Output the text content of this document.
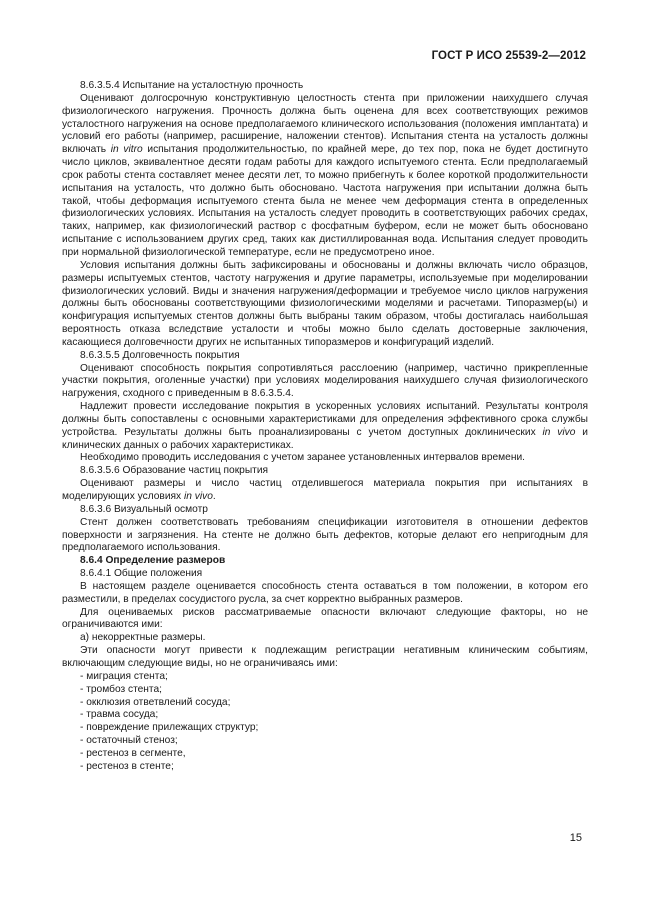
ГОСТ Р ИСО 25539-2—2012

8.6.3.5.4 Испытание на усталостную прочность

Оценивают долгосрочную конструктивную целостность стента при приложении наихудшего случая физиологического нагружения. Прочность должна быть оценена для всех соответствующих режимов усталостного нагружения на основе предполагаемого клинического использования (положения имплантата) и условий его работы (например, расширение, наложении стентов). Испытания стента на усталость должны включать in vitro испытания продолжительностью, по крайней мере, до тех пор, пока не будет достигнуто число циклов, эквивалентное десяти годам работы для каждого испытуемого стента. Если предполагаемый срок работы стента составляет менее десяти лет, то можно прибегнуть к более короткой продолжительности испытания на усталость, что должно быть обосновано. Частота нагружения при испытании должна быть такой, чтобы деформация испытуемого стента была не менее чем деформация стента в определенных физиологических условиях. Испытания на усталость следует проводить в соответствующих рабочих средах, таких, например, как физиологический раствор с фосфатным буфером, если не может быть обосновано испытание с использованием других сред, таких как дистиллированная вода. Испытания следует проводить при нормальной физиологической температуре, если не предусмотрено иное.

Условия испытания должны быть зафиксированы и обоснованы и должны включать число образцов, размеры испытуемых стентов, частоту нагружения и другие параметры, используемые при моделировании физиологических условий. Виды и значения нагружения/деформации и требуемое число циклов нагружения должны быть обоснованы соответствующими физиологическими моделями и расчетами. Типоразмер(ы) и конфигурация испытуемых стентов должны быть выбраны таким образом, чтобы достигалась наибольшая вероятность отказа вследствие усталости и чтобы можно было сделать достоверные заключения, касающиеся долговечности других не испытанных типоразмеров и конфигураций изделий.

8.6.3.5.5 Долговечность покрытия

Оценивают способность покрытия сопротивляться расслоению (например, частично прикрепленные участки покрытия, оголенные участки) при условиях моделирования наихудшего случая физиологического нагружения, сходного с приведенным в 8.6.3.5.4.

Надлежит провести исследование покрытия в ускоренных условиях испытаний. Результаты контроля должны быть сопоставлены с основными характеристиками для определения эффективного срока службы устройства. Результаты должны быть проанализированы с учетом доступных доклинических in vivo и клинических данных о рабочих характеристиках.

Необходимо проводить исследования с учетом заранее установленных интервалов времени.

8.6.3.5.6 Образование частиц покрытия

Оценивают размеры и число частиц отделившегося материала покрытия при испытаниях в моделирующих условиях in vivo.

8.6.3.6 Визуальный осмотр

Стент должен соответствовать требованиям спецификации изготовителя в отношении дефектов поверхности и загрязнения. На стенте не должно быть дефектов, которые делают его непригодным для предполагаемого использования.

8.6.4 Определение размеров

8.6.4.1 Общие положения

В настоящем разделе оценивается способность стента оставаться в том положении, в котором его разместили, в пределах сосудистого русла, за счет корректно выбранных размеров.

Для оцениваемых рисков рассматриваемые опасности включают следующие факторы, но не ограничиваются ими:

а) некорректные размеры.

Эти опасности могут привести к подлежащим регистрации негативным клиническим событиям, включающим следующие виды, но не ограничиваясь ими:

- миграция стента;

- тромбоз стента;

- окклюзия ответвлений сосуда;

- травма сосуда;

- повреждение прилежащих структур;

- остаточный стеноз;

- рестеноз в сегменте,

- рестеноз в стенте;

15
